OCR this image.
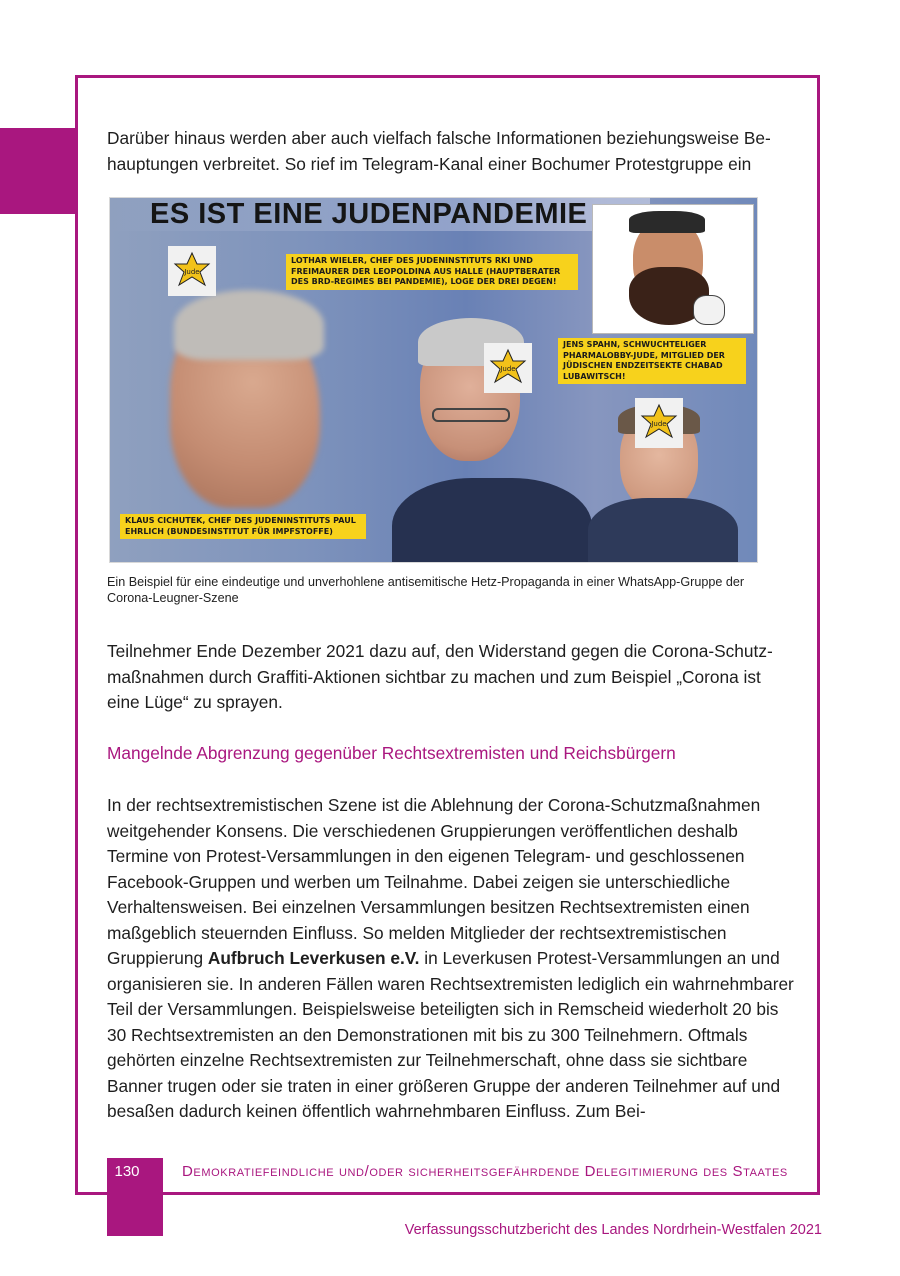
Darüber hinaus werden aber auch vielfach falsche Informationen beziehungsweise Be-
hauptungen verbreitet. So rief im Telegram-Kanal einer Bochumer Protestgruppe ein

ES IST EINE JUDENPANDEMIE
Jude
Jude
Jude
LOTHAR WIELER, CHEF DES JUDENINSTITUTS RKI UND FREIMAURER DER LEOPOLDINA AUS HALLE (HAUPTBERATER DES BRD-REGIMES BEI PANDEMIE), LOGE DER DREI DEGEN!
JENS SPAHN, SCHWUCHTELIGER PHARMALOBBY-JUDE, MITGLIED DER JÜDISCHEN ENDZEITSEKTE CHABAD LUBAWITSCH!
KLAUS CICHUTEK, CHEF DES JUDENINSTITUTS PAUL EHRLICH (BUNDESINSTITUT FÜR IMPFSTOFFE)

Ein Beispiel für eine eindeutige und unverhohlene antisemitische Hetz-Propaganda in einer WhatsApp-Gruppe der Corona-Leugner-Szene

Teilnehmer Ende Dezember 2021 dazu auf, den Widerstand gegen die Corona-Schutzmaßnahmen durch Graffiti-Aktionen sichtbar zu machen und zum Beispiel „Corona ist eine Lüge“ zu sprayen.

Mangelnde Abgrenzung gegenüber Rechtsextremisten und Reichsbürgern

In der rechtsextremistischen Szene ist die Ablehnung der Corona-Schutzmaßnahmen weitgehender Konsens. Die verschiedenen Gruppierungen veröffentlichen deshalb Termine von Protest-Versammlungen in den eigenen Telegram- und geschlossenen Facebook-Gruppen und werben um Teilnahme. Dabei zeigen sie unterschiedliche Verhaltensweisen. Bei einzelnen Versammlungen besitzen Rechtsextremisten einen maßgeblich steuernden Einfluss. So melden Mitglieder der rechtsextremistischen Gruppierung Aufbruch Leverkusen e.V. in Leverkusen Protest-Versammlungen an und organisieren sie. In anderen Fällen waren Rechtsextremisten lediglich ein wahrnehmbarer Teil der Versammlungen. Beispielsweise beteiligten sich in Remscheid wiederholt 20 bis 30 Rechtsextremisten an den Demonstrationen mit bis zu 300 Teilnehmern. Oftmals gehörten einzelne Rechtsextremisten zur Teilnehmerschaft, ohne dass sie sichtbare Banner trugen oder sie traten in einer größeren Gruppe der anderen Teilnehmer auf und besaßen dadurch keinen öffentlich wahrnehmbaren Einfluss. Zum Bei-

130	Demokratiefeindliche und/oder sicherheitsgefährdende Delegitimierung des Staates

Verfassungsschutzbericht des Landes Nordrhein-Westfalen 2021
